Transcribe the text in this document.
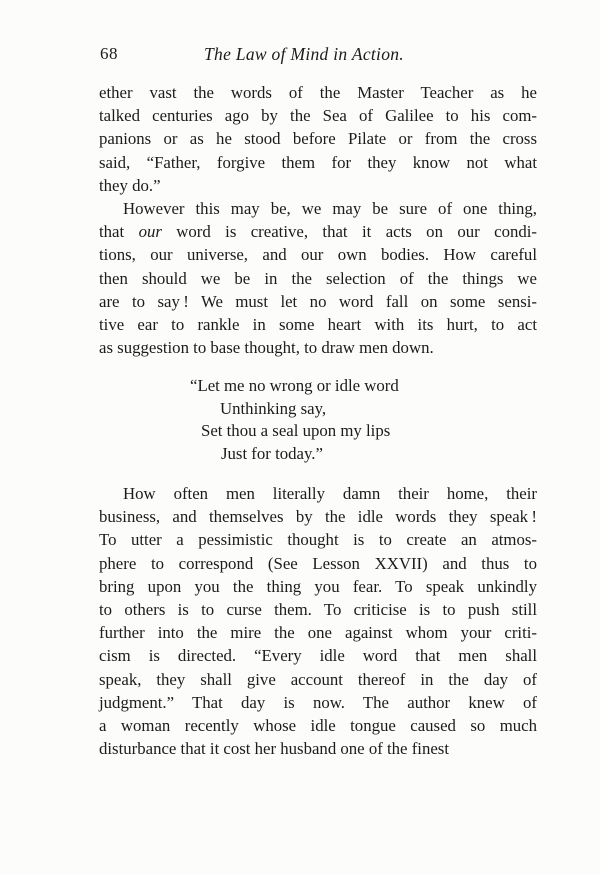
68	The Law of Mind in Action.
ether vast the words of the Master Teacher as he
talked centuries ago by the Sea of Galilee to his com-
panions or as he stood before Pilate or from the cross
said, “Father, forgive them for they know not what
they do.”
However this may be, we may be sure of one thing,
that our word is creative, that it acts on our condi-
tions, our universe, and our own bodies. How careful
then should we be in the selection of the things we
are to say ! We must let no word fall on some sensi-
tive ear to rankle in some heart with its hurt, to act
as suggestion to base thought, to draw men down.
“Let me no wrong or idle word
Unthinking say,
Set thou a seal upon my lips
Just for today.”
How often men literally damn their home, their
business, and themselves by the idle words they speak !
To utter a pessimistic thought is to create an atmos-
phere to correspond (See Lesson XXVII) and thus to
bring upon you the thing you fear. To speak unkindly
to others is to curse them. To criticise is to push still
further into the mire the one against whom your criti-
cism is directed. “Every idle word that men shall
speak, they shall give account thereof in the day of
judgment.” That day is now. The author knew of
a woman recently whose idle tongue caused so much
disturbance that it cost her husband one of the finest
